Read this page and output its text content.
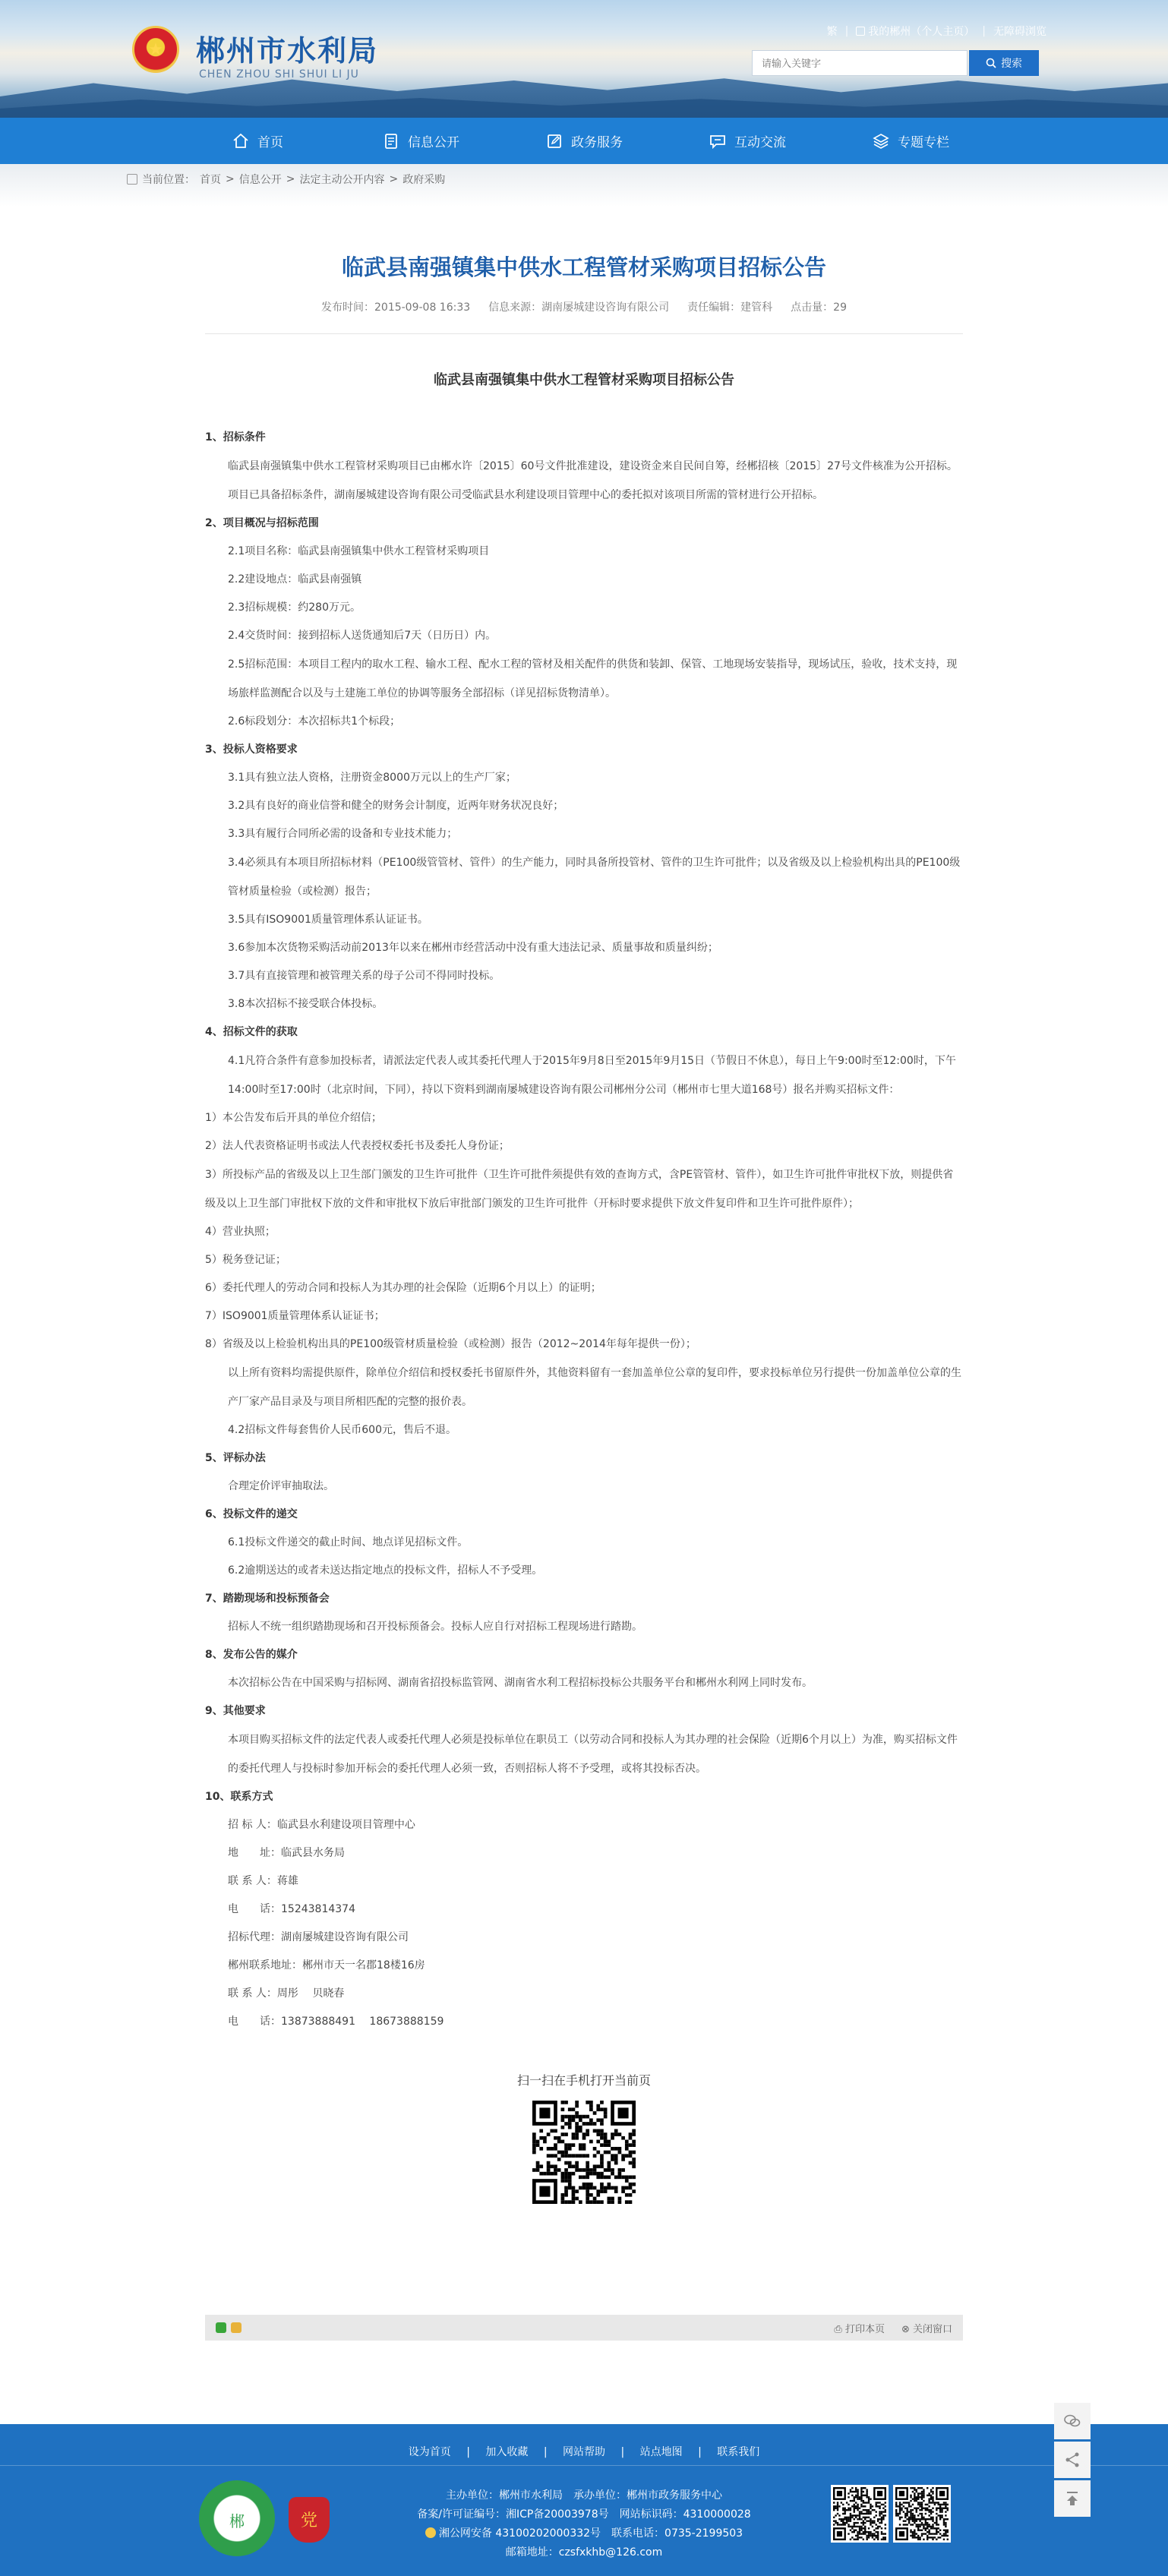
★	郴州市水利局
CHEN ZHOU SHI SHUI LI JU
繁 |	我的郴州（个人主页） | 无障碍浏览
请输入关键字
搜索
首页	信息公开	政务服务	互动交流	专题专栏
当前位置： 首页 > 信息公开 > 法定主动公开内容 > 政府采购
临武县南强镇集中供水工程管材采购项目招标公告
发布时间：2015-09-08 16:33 信息来源：湖南屡城建设咨询有限公司 责任编辑：建管科 点击量：29
临武县南强镇集中供水工程管材采购项目招标公告

1、招标条件

临武县南强镇集中供水工程管材采购项目已由郴水许〔2015〕60号文件批准建设，建设资金来自民间自筹，经郴招核〔2015〕27号文件核准为公开招标。项目已具备招标条件，湖南屡城建设咨询有限公司受临武县水利建设项目管理中心的委托拟对该项目所需的管材进行公开招标。

2、项目概况与招标范围

2.1项目名称：临武县南强镇集中供水工程管材采购项目

2.2建设地点：临武县南强镇

2.3招标规模：约280万元。

2.4交货时间：接到招标人送货通知后7天（日历日）内。

2.5招标范围：本项目工程内的取水工程、输水工程、配水工程的管材及相关配件的供货和装卸、保管、工地现场安装指导，现场试压，验收，技术支持，现场旅样监测配合以及与土建施工单位的协调等服务全部招标（详见招标货物清单）。

2.6标段划分：本次招标共1个标段；

3、投标人资格要求

3.1具有独立法人资格，注册资金8000万元以上的生产厂家；

3.2具有良好的商业信誉和健全的财务会计制度，近两年财务状况良好；

3.3具有履行合同所必需的设备和专业技术能力；

3.4必须具有本项目所招标材料（PE100级管管材、管件）的生产能力，同时具备所投管材、管件的卫生许可批件；以及省级及以上检验机构出具的PE100级管材质量检验（或检测）报告；

3.5具有ISO9001质量管理体系认证证书。

3.6参加本次货物采购活动前2013年以来在郴州市经营活动中没有重大违法记录、质量事故和质量纠纷；

3.7具有直接管理和被管理关系的母子公司不得同时投标。

3.8本次招标不接受联合体投标。

4、招标文件的获取

4.1凡符合条件有意参加投标者，请派法定代表人或其委托代理人于2015年9月8日至2015年9月15日（节假日不休息），每日上午9:00时至12:00时，下午14:00时至17:00时（北京时间，下同），持以下资料到湖南屡城建设咨询有限公司郴州分公司（郴州市七里大道168号）报名并购买招标文件：

1）本公告发布后开具的单位介绍信；

2）法人代表资格证明书或法人代表授权委托书及委托人身份证；

3）所投标产品的省级及以上卫生部门颁发的卫生许可批件（卫生许可批件须提供有效的查询方式，含PE管管材、管件），如卫生许可批件审批权下放，则提供省级及以上卫生部门审批权下放的文件和审批权下放后审批部门颁发的卫生许可批件（开标时要求提供下放文件复印件和卫生许可批件原件）；

4）营业执照；

5）税务登记证；

6）委托代理人的劳动合同和投标人为其办理的社会保险（近期6个月以上）的证明；

7）ISO9001质量管理体系认证证书；

8）省级及以上检验机构出具的PE100级管材质量检验（或检测）报告（2012~2014年每年提供一份）；

以上所有资料均需提供原件，除单位介绍信和授权委托书留原件外，其他资料留有一套加盖单位公章的复印件，要求投标单位另行提供一份加盖单位公章的生产厂家产品目录及与项目所相匹配的完整的报价表。

4.2招标文件每套售价人民币600元，售后不退。

5、评标办法

合理定价评审抽取法。

6、投标文件的递交

6.1投标文件递交的截止时间、地点详见招标文件。

6.2逾期送达的或者未送达指定地点的投标文件，招标人不予受理。

7、踏勘现场和投标预备会

招标人不统一组织踏勘现场和召开投标预备会。投标人应自行对招标工程现场进行踏勘。

8、发布公告的媒介

本次招标公告在中国采购与招标网、湖南省招投标监管网、湖南省水利工程招标投标公共服务平台和郴州水利网上同时发布。

9、其他要求

本项目购买招标文件的法定代表人或委托代理人必须是投标单位在职员工（以劳动合同和投标人为其办理的社会保险（近期6个月以上）为准，购买招标文件的委托代理人与投标时参加开标会的委托代理人必须一致，否则招标人将不予受理，或将其投标否决。

10、联系方式

招 标 人：临武县水利建设项目管理中心

地　　址：临武县水务局

联 系 人：蒋雄

电　　话：15243814374

招标代理：湖南屡城建设咨询有限公司

郴州联系地址：郴州市天一名郡18楼16房

联 系 人：周彤　 贝晓春

电　　话：13873888491　 18673888159

扫一扫在手机打开当前页
⎙ 打印本页 ⊗ 关闭窗口
设为首页 | 加入收藏 | 网站帮助 | 站点地图 | 联系我们
郴	党
主办单位：郴州市水利局　承办单位：郴州市政务服务中心
备案/许可证编号：湘ICP备20003978号　网站标识码：4310000028
湘公网安备 43100202000332号　联系电话：0735-2199503
邮箱地址：czsfxkhb@126.com
